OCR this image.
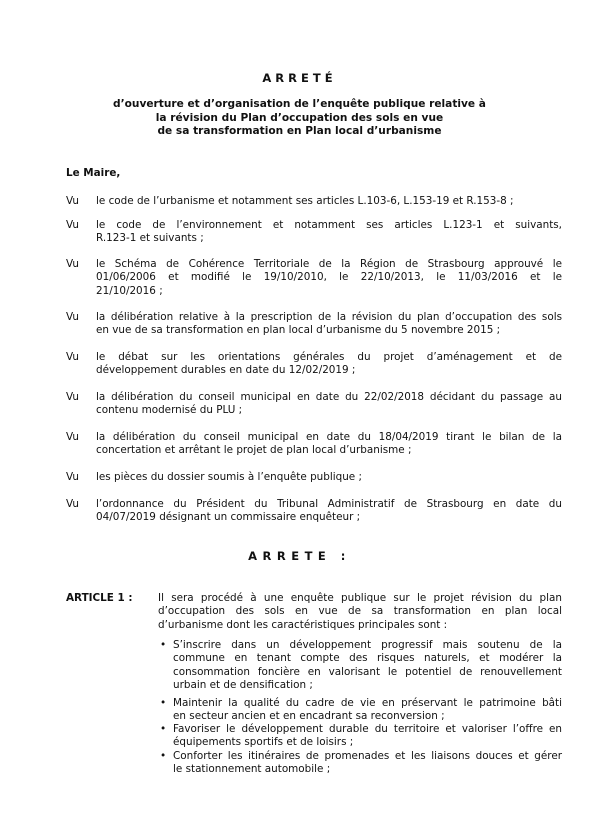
ARRETÉ
d’ouverture et d’organisation de l’enquête publique relative à
la révision du Plan d’occupation des sols en vue
de sa transformation en Plan local d’urbanisme
Le Maire,
Vu le code de l’urbanisme et notamment ses articles L.103-6, L.153-19 et R.153-8 ;
Vu le code de l’environnement et notamment ses articles L.123-1 et suivants,
R.123-1 et suivants ;
Vu le Schéma de Cohérence Territoriale de la Région de Strasbourg approuvé le
01/06/2006 et modifié le 19/10/2010, le 22/10/2013, le 11/03/2016 et le
21/10/2016 ;
Vu la délibération relative à la prescription de la révision du plan d’occupation des sols
en vue de sa transformation en plan local d’urbanisme du 5 novembre 2015 ;
Vu le débat sur les orientations générales du projet d’aménagement et de
développement durables en date du 12/02/2019 ;
Vu la délibération du conseil municipal en date du 22/02/2018 décidant du passage au
contenu modernisé du PLU ;
Vu la délibération du conseil municipal en date du 18/04/2019 tirant le bilan de la
concertation et arrêtant le projet de plan local d’urbanisme ;
Vu les pièces du dossier soumis à l’enquête publique ;
Vu l’ordonnance du Président du Tribunal Administratif de Strasbourg en date du
04/07/2019 désignant un commissaire enquêteur ;
ARRETE :
ARTICLE 1 : Il sera procédé à une enquête publique sur le projet révision du plan
d’occupation des sols en vue de sa transformation en plan local
d’urbanisme dont les caractéristiques principales sont :
• S’inscrire dans un développement progressif mais soutenu de la
commune en tenant compte des risques naturels, et modérer la
consommation foncière en valorisant le potentiel de renouvellement
urbain et de densification ;
• Maintenir la qualité du cadre de vie en préservant le patrimoine bâti
en secteur ancien et en encadrant sa reconversion ;
• Favoriser le développement durable du territoire et valoriser l’offre en
équipements sportifs et de loisirs ;
• Conforter les itinéraires de promenades et les liaisons douces et gérer
le stationnement automobile ;
